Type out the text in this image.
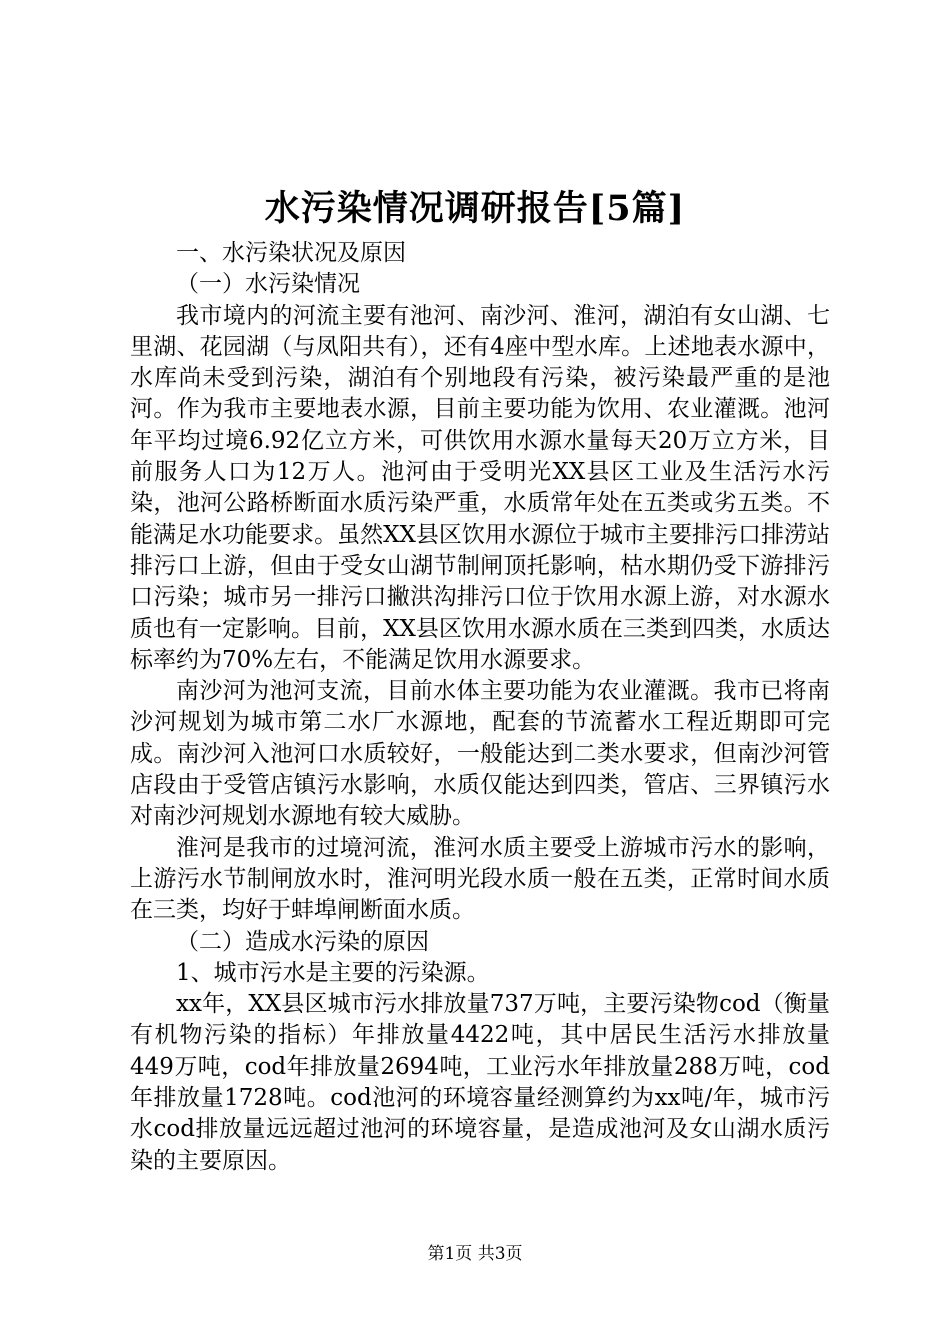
水污染情况调研报告[5篇]

一、水污染状况及原因

（一）水污染情况

我市境内的河流主要有池河、南沙河、淮河，湖泊有女山湖、七里湖、花园湖（与凤阳共有），还有4座中型水库。上述地表水源中，水库尚未受到污染，湖泊有个别地段有污染，被污染最严重的是池河。作为我市主要地表水源，目前主要功能为饮用、农业灌溉。池河年平均过境6.92亿立方米，可供饮用水源水量每天20万立方米，目前服务人口为12万人。池河由于受明光XX县区工业及生活污水污染，池河公路桥断面水质污染严重，水质常年处在五类或劣五类。不能满足水功能要求。虽然XX县区饮用水源位于城市主要排污口排涝站排污口上游，但由于受女山湖节制闸顶托影响，枯水期仍受下游排污口污染；城市另一排污口撇洪沟排污口位于饮用水源上游，对水源水质也有一定影响。目前，XX县区饮用水源水质在三类到四类，水质达标率约为70%左右，不能满足饮用水源要求。

南沙河为池河支流，目前水体主要功能为农业灌溉。我市已将南沙河规划为城市第二水厂水源地，配套的节流蓄水工程近期即可完成。南沙河入池河口水质较好，一般能达到二类水要求，但南沙河管店段由于受管店镇污水影响，水质仅能达到四类，管店、三界镇污水对南沙河规划水源地有较大威胁。

淮河是我市的过境河流，淮河水质主要受上游城市污水的影响，上游污水节制闸放水时，淮河明光段水质一般在五类，正常时间水质在三类，均好于蚌埠闸断面水质。

（二）造成水污染的原因

1、城市污水是主要的污染源。

xx年，XX县区城市污水排放量737万吨，主要污染物cod（衡量有机物污染的指标）年排放量4422吨，其中居民生活污水排放量449万吨，cod年排放量2694吨，工业污水年排放量288万吨，cod年排放量1728吨。cod池河的环境容量经测算约为xx吨/年，城市污水cod排放量远远超过池河的环境容量，是造成池河及女山湖水质污染的主要原因。

第1页 共3页
